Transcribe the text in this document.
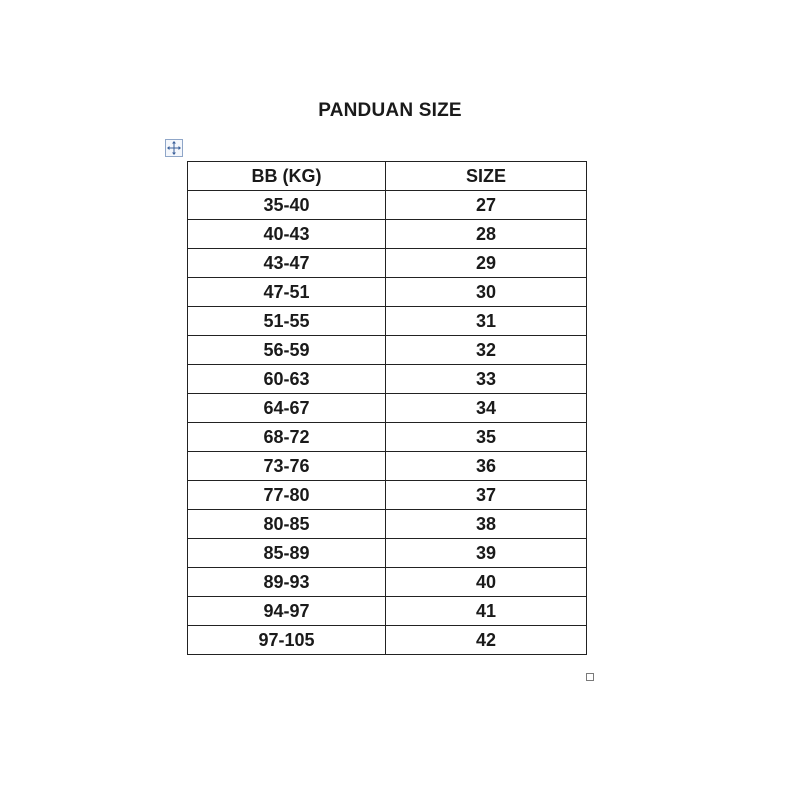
PANDUAN SIZE
BB (KG)	SIZE
35-40	27
40-43	28
43-47	29
47-51	30
51-55	31
56-59	32
60-63	33
64-67	34
68-72	35
73-76	36
77-80	37
80-85	38
85-89	39
89-93	40
94-97	41
97-105	42
